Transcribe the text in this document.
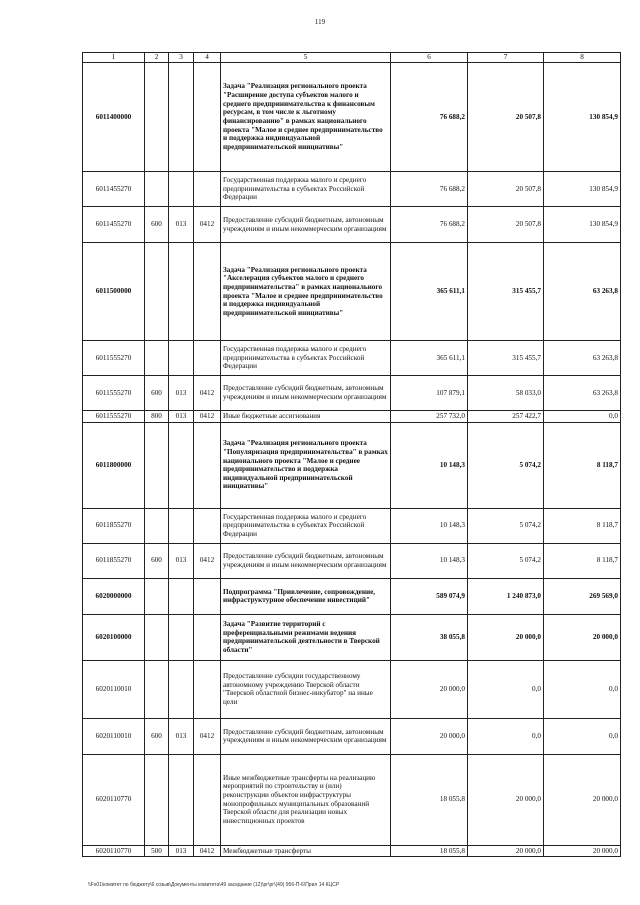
119
1	2	3	4	5	6	7	8
6011400000				Задача "Реализация регионального проекта "Расширение доступа субъектов малого и среднего предпринимательства к финансовым ресурсам, в том числе к льготному финансированию" в рамках национального проекта "Малое и среднее предпринимательство и поддержка индивидуальной предпринимательской инициативы"	76 688,2	20 507,8	130 854,9
6011455270				Государственная поддержка малого и среднего предпринимательства в субъектах Российской Федерации	76 688,2	20 507,8	130 854,9
6011455270	600	013	0412	Предоставление субсидий бюджетным, автономным учреждениям и иным некоммерческим организациям	76 688,2	20 507,8	130 854,9
6011500000				Задача "Реализация регионального проекта "Акселерация субъектов малого и среднего предпринимательства" в рамках национального проекта "Малое и среднее предпринимательство и поддержка индивидуальной предпринимательской инициативы"	365 611,1	315 455,7	63 263,8
6011555270				Государственная поддержка малого и среднего предпринимательства в субъектах Российской Федерации	365 611,1	315 455,7	63 263,8
6011555270	600	013	0412	Предоставление субсидий бюджетным, автономным учреждениям и иным некоммерческим организациям	107 879,1	58 033,0	63 263,8
6011555270	800	013	0412	Иные бюджетные ассигнования	257 732,0	257 422,7	0,0
6011800000				Задача "Реализация регионального проекта "Популяризация предпринимательства" в рамках национального проекта "Малое и среднее предпринимательство и поддержка индивидуальной предпринимательской инициативы"	10 148,3	5 074,2	8 118,7
6011855270				Государственная поддержка малого и среднего предпринимательства в субъектах Российской Федерации	10 148,3	5 074,2	8 118,7
6011855270	600	013	0412	Предоставление субсидий бюджетным, автономным учреждениям и иным некоммерческим организациям	10 148,3	5 074,2	8 118,7
6020000000				Подпрограмма "Привлечение, сопровождение, инфраструктурное обеспечение инвестиций"	589 074,9	1 240 873,0	269 569,0
6020100000				Задача "Развитие территорий с преференциальными режимами ведения предпринимательской деятельности в Тверской области"	38 055,8	20 000,0	20 000,0
6020110010				Предоставление субсидии государственному автономному учреждению Тверской области "Тверской областной бизнес-инкубатор" на иные цели	20 000,0	0,0	0,0
6020110010	600	013	0412	Предоставление субсидий бюджетным, автономным учреждениям и иным некоммерческим организациям	20 000,0	0,0	0,0
6020110770				Иные межбюджетные трансферты на реализацию мероприятий по строительству и (или) реконструкции объектов инфраструктуры монопрофильных муниципальных образований Тверской области для реализации новых инвестиционных проектов	18 055,8	20 000,0	20 000,0
6020110770	500	013	0412	Межбюджетные трансферты	18 055,8	20 000,0	20 000,0
\\Fs01\комитет по бюджету\6 созыв\Документы комитета\49 заседание (12)\рг\рг\(49) 956-П-6\Прил 14 КЦСР
